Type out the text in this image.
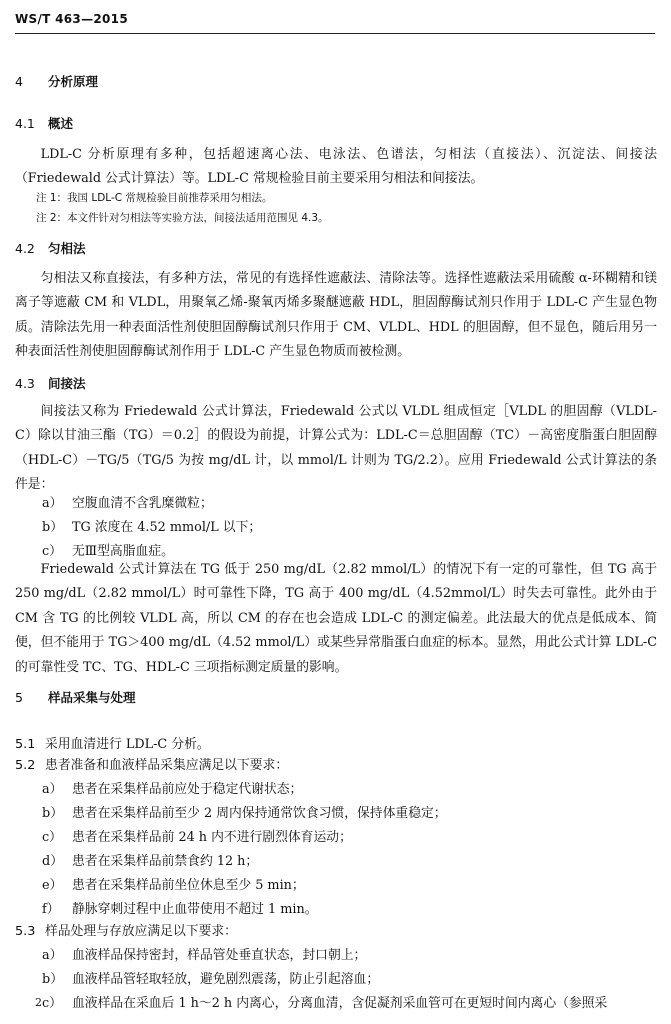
WS/T 463—2015
4 分析原理
4.1 概述
LDL-C 分析原理有多种，包括超速离心法、电泳法、色谱法，匀相法（直接法）、沉淀法、间接法（Friedewald 公式计算法）等。LDL-C 常规检验目前主要采用匀相法和间接法。
注 1：我国 LDL-C 常规检验目前推荐采用匀相法。
注 2：本文件针对匀相法等实验方法，间接法适用范围见 4.3。
4.2 匀相法
匀相法又称直接法，有多种方法，常见的有选择性遮蔽法、清除法等。选择性遮蔽法采用硫酸 α-环糊精和镁离子等遮蔽 CM 和 VLDL，用聚氧乙烯-聚氧丙烯多聚醚遮蔽 HDL，胆固醇酶试剂只作用于 LDL-C 产生显色物质。清除法先用一种表面活性剂使胆固醇酶试剂只作用于 CM、VLDL、HDL 的胆固醇，但不显色，随后用另一种表面活性剂使胆固醇酶试剂作用于 LDL-C 产生显色物质而被检测。
4.3 间接法
间接法又称为 Friedewald 公式计算法，Friedewald 公式以 VLDL 组成恒定［VLDL 的胆固醇（VLDL-C）除以甘油三酯（TG）＝0.2］的假设为前提，计算公式为：LDL-C＝总胆固醇（TC）－高密度脂蛋白胆固醇（HDL-C）－TG/5（TG/5 为按 mg/dL 计，以 mmol/L 计则为 TG/2.2）。应用 Friedewald 公式计算法的条件是：
a） 空腹血清不含乳糜微粒；
b） TG 浓度在 4.52 mmol/L 以下；
c） 无Ⅲ型高脂血症。
Friedewald 公式计算法在 TG 低于 250 mg/dL（2.82 mmol/L）的情况下有一定的可靠性，但 TG 高于 250 mg/dL（2.82 mmol/L）时可靠性下降，TG 高于 400 mg/dL（4.52mmol/L）时失去可靠性。此外由于 CM 含 TG 的比例较 VLDL 高，所以 CM 的存在也会造成 LDL-C 的测定偏差。此法最大的优点是低成本、简便，但不能用于 TG＞400 mg/dL（4.52 mmol/L）或某些异常脂蛋白血症的标本。显然，用此公式计算 LDL-C 的可靠性受 TC、TG、HDL-C 三项指标测定质量的影响。
5 样品采集与处理
5.1 采用血清进行 LDL-C 分析。
5.2 患者准备和血液样品采集应满足以下要求：
a） 患者在采集样品前应处于稳定代谢状态；
b） 患者在采集样品前至少 2 周内保持通常饮食习惯，保持体重稳定；
c） 患者在采集样品前 24 h 内不进行剧烈体育运动；
d） 患者在采集样品前禁食约 12 h；
e） 患者在采集样品前坐位休息至少 5 min；
f） 静脉穿刺过程中止血带使用不超过 1 min。
5.3 样品处理与存放应满足以下要求：
a） 血液样品保持密封，样品管处垂直状态，封口朝上；
b） 血液样品管轻取轻放，避免剧烈震荡，防止引起溶血；
c） 血液样品在采血后 1 h～2 h 内离心，分离血清，含促凝剂采血管可在更短时间内离心（参照采
2
